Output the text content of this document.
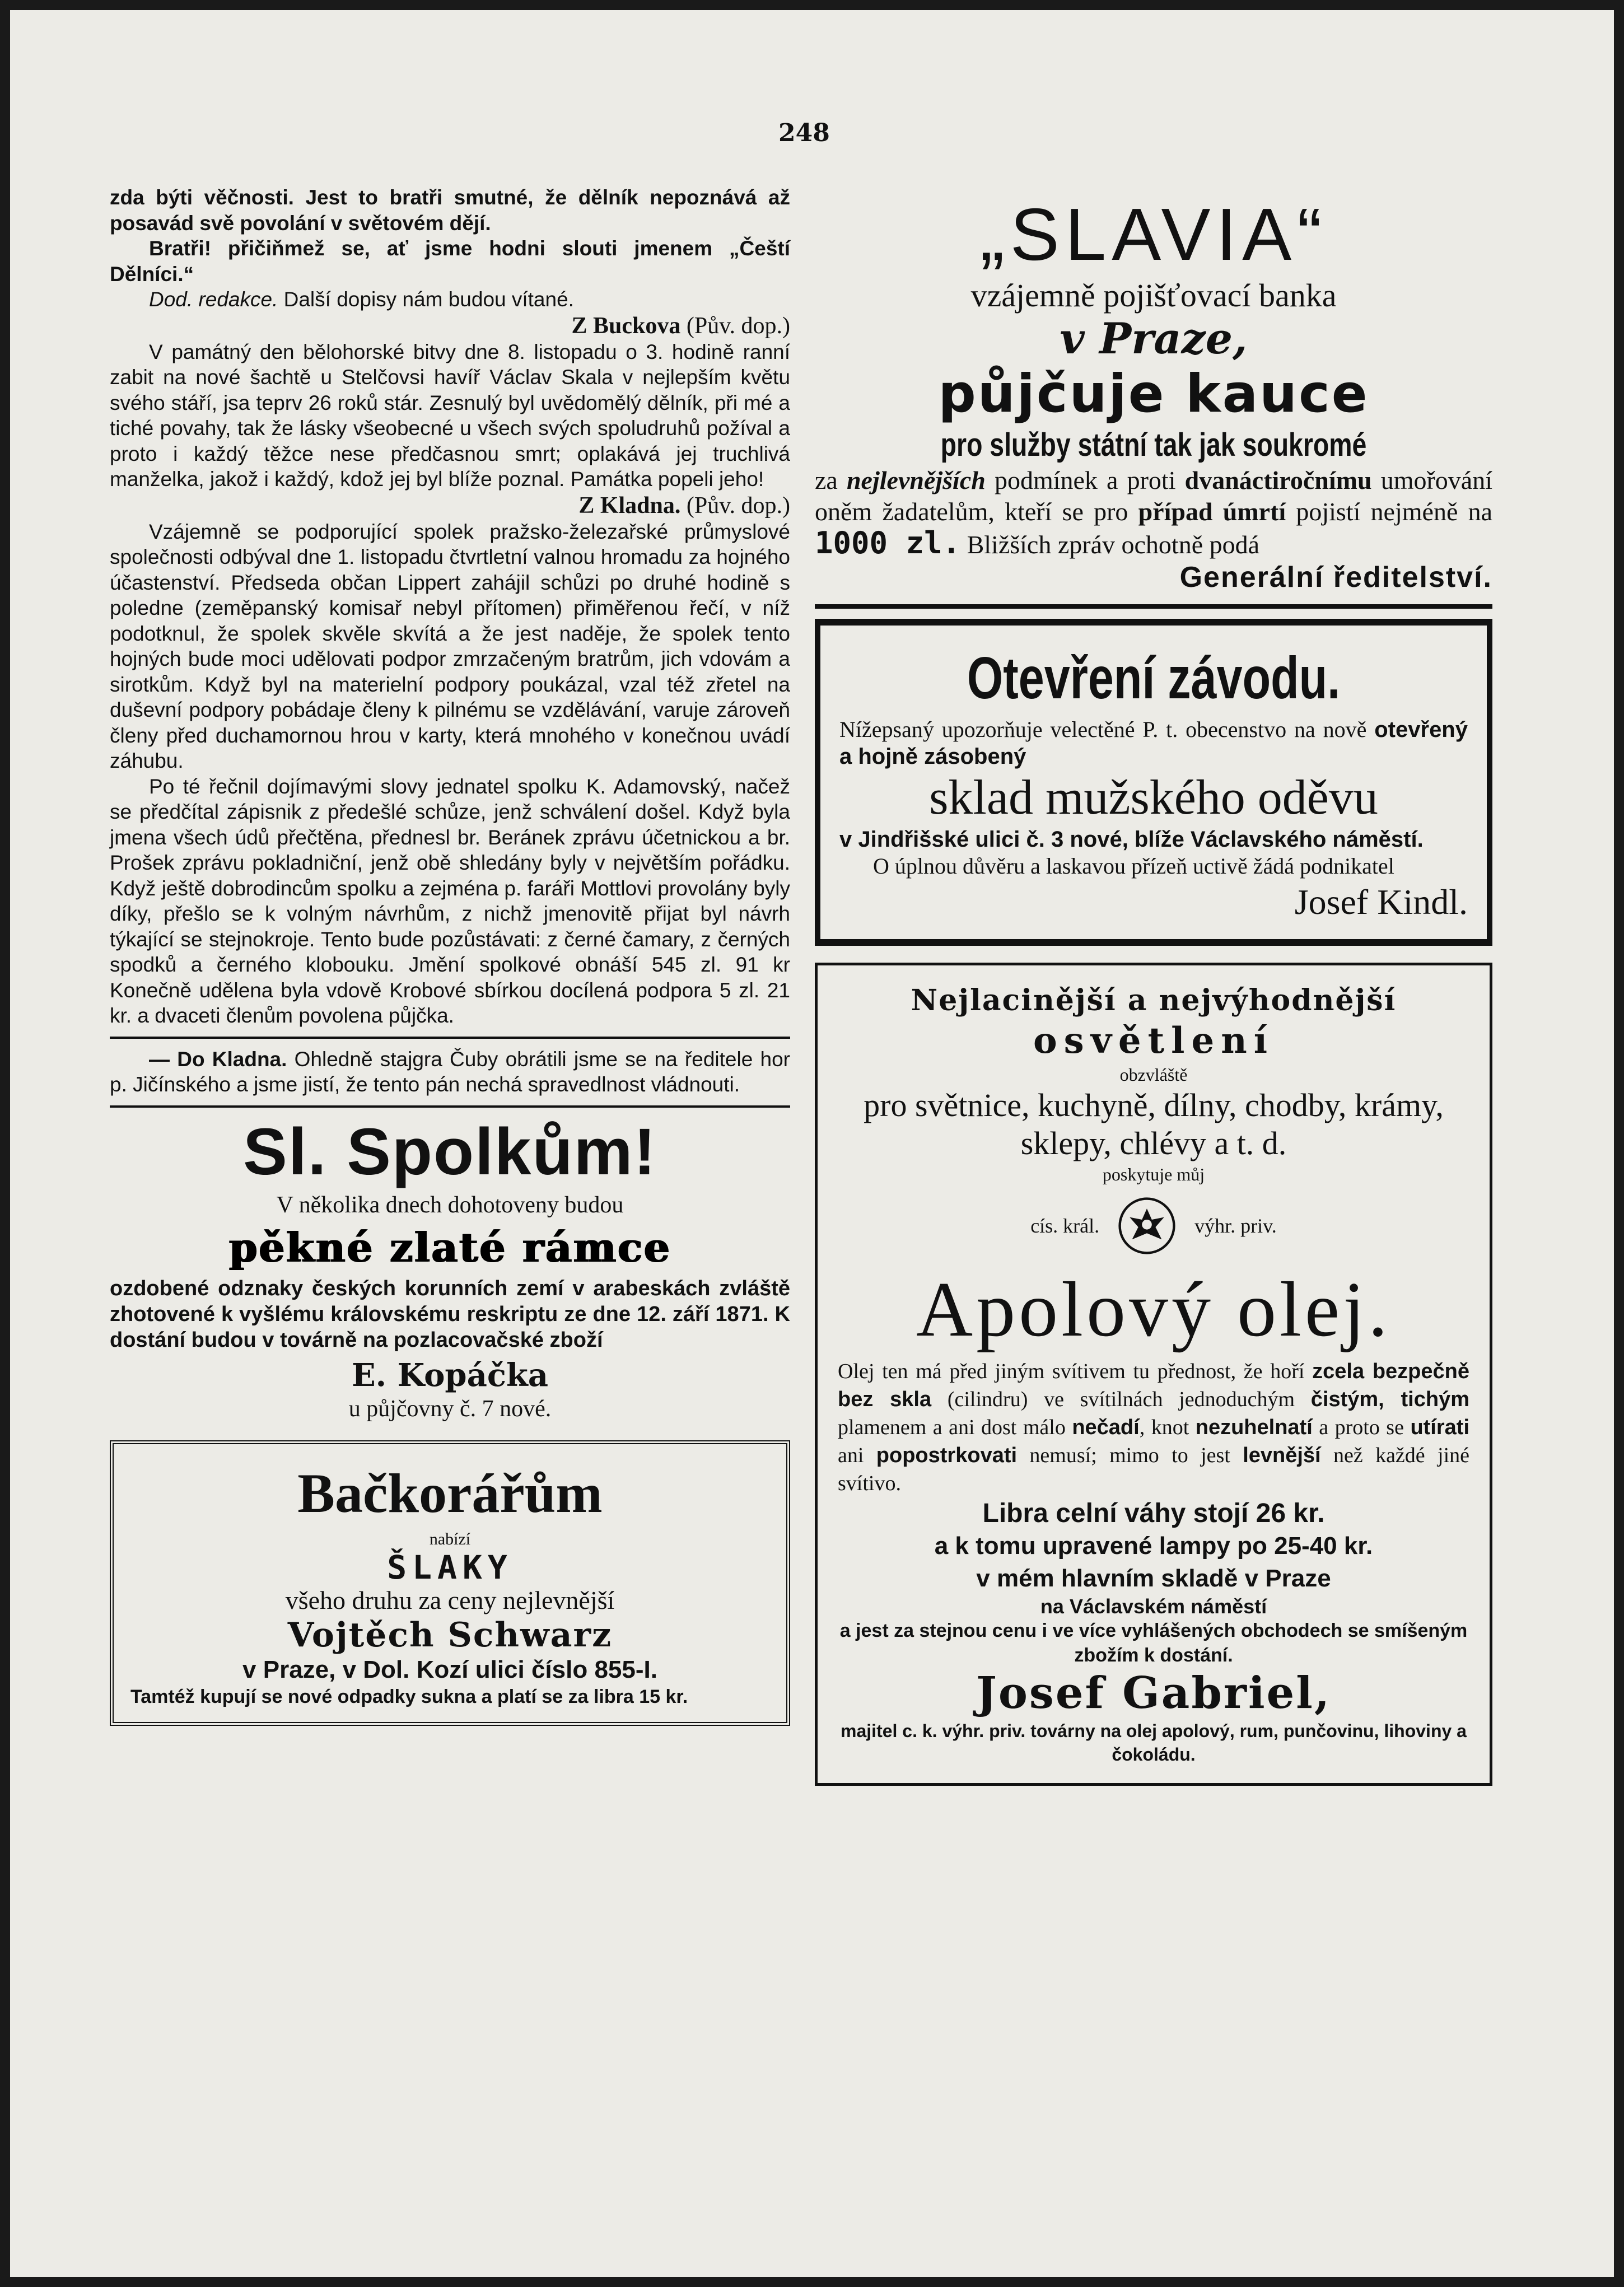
248

zda býti věčnosti. Jest to bratři smutné, že dělník nepoznává až posavád svě povolání v světovém dějí.

Bratři! přičiňmež se, ať jsme hodni slouti jmenem „Čeští Dělníci.“

Dod. redakce. Další dopisy nám budou vítané.

Z Buckova (Pův. dop.)

V památný den bělohorské bitvy dne 8. listopadu o 3. hodině ranní zabit na nové šachtě u Stelčovsi havíř Václav Skala v nejlepším květu svého stáří, jsa teprv 26 roků stár. Zesnulý byl uvědomělý dělník, při mé a tiché povahy, tak že lásky všeobecné u všech svých spoludruhů požíval a proto i každý těžce nese předčasnou smrt; oplakává jej truchlivá manželka, jakož i každý, kdož jej byl blíže poznal. Památka popeli jeho!

Z Kladna. (Pův. dop.)

Vzájemně se podporující spolek pražsko-železařské průmyslové společnosti odbýval dne 1. listopadu čtvrtletní valnou hromadu za hojného účastenství. Předseda občan Lippert zahájil schůzi po druhé hodině s poledne (zeměpanský komisař nebyl přítomen) přiměřenou řečí, v níž podotknul, že spolek skvěle skvítá a že jest naděje, že spolek tento hojných bude moci udělovati podpor zmrzačeným bratrům, jich vdovám a sirotkům. Když byl na materielní podpory poukázal, vzal též zřetel na duševní podpory pobádaje členy k pilnému se vzdělávání, varuje zároveň členy před duchamornou hrou v karty, která mnohého v konečnou uvádí záhubu.

Po té řečnil dojímavými slovy jednatel spolku K. Adamovský, načež se předčítal zápisnik z předešlé schůze, jenž schválení došel. Když byla jmena všech údů přečtěna, přednesl br. Beránek zprávu účetnickou a br. Prošek zprávu pokladniční, jenž obě shledány byly v největším pořádku. Když ještě dobrodincům spolku a zejména p. faráři Mottlovi provolány byly díky, přešlo se k volným návrhům, z nichž jmenovitě přijat byl návrh týkající se stejnokroje. Tento bude pozůstávati: z černé čamary, z černých spodků a černého klobouku. Jmění spolkové obnáší 545 zl. 91 kr Konečně udělena byla vdově Krobové sbírkou docílená podpora 5 zl. 21 kr. a dvaceti členům povolena půjčka.

— Do Kladna. Ohledně stajgra Čuby obrátili jsme se na ředitele hor p. Jičínského a jsme jistí, že tento pán nechá spravedlnost vládnouti.

Sl. Spolkům!

V několika dnech dohotoveny budou

pěkné zlaté rámce

ozdobené odznaky českých korunních zemí v arabeskách zvláště zhotovené k vyšlému královskému reskriptu ze dne 12. září 1871. K dostání budou v továrně na pozlacovačské zboží

E. Kopáčka
u půjčovny č. 7 nové.
Bačkorářům
nabízí
ŠLAKY
všeho druhu za ceny nejlevnější
Vojtěch Schwarz
v Praze, v Dol. Kozí ulici číslo 855-I.

Tamtéž kupují se nové odpadky sukna a platí se za libra 15 kr.

„SLAVIA“
vzájemně pojišťovací banka
v Praze,
půjčuje kauce
pro služby státní tak jak soukromé

za nejlevnějších podmínek a proti dvanáctiročnímu umořování oněm žadatelům, kteří se pro případ úmrtí pojistí nejméně na 1000 zl. Bližších zpráv ochotně podá

Generální ředitelství.
Otevření závodu.

Nížepsaný upozorňuje velectěné P. t. obecenstvo na nově otevřený a hojně zásobený

sklad mužského oděvu

v Jindřišské ulici č. 3 nové, blíže Václavského náměstí.

O úplnou důvěru a laskavou přízeň uctivě žádá podnikatel

Josef Kindl.
Nejlacinější a nejvýhodnější
osvětlení
obzvláště
pro světnice, kuchyně, dílny, chodby, krámy, sklepy, chlévy a t. d.
poskytuje můj
cís. král.	výhr. priv.
Apolový olej.

Olej ten má před jiným svítivem tu přednost, že hoří zcela bezpečně bez skla (cilindru) ve svítilnách jednoduchým čistým, tichým plamenem a ani dost málo nečadí, knot nezuhelnatí a proto se utírati ani popostrkovati nemusí; mimo to jest levnější než každé jiné svítivo.

Libra celní váhy stojí 26 kr.
a k tomu upravené lampy po 25-40 kr.
v mém hlavním skladě v Praze
na Václavském náměstí

a jest za stejnou cenu i ve více vyhlášených obchodech se smíšeným zbožím k dostání.

Josef Gabriel,
majitel c. k. výhr. priv. továrny na olej apolový, rum, punčovinu, lihoviny a čokoládu.
